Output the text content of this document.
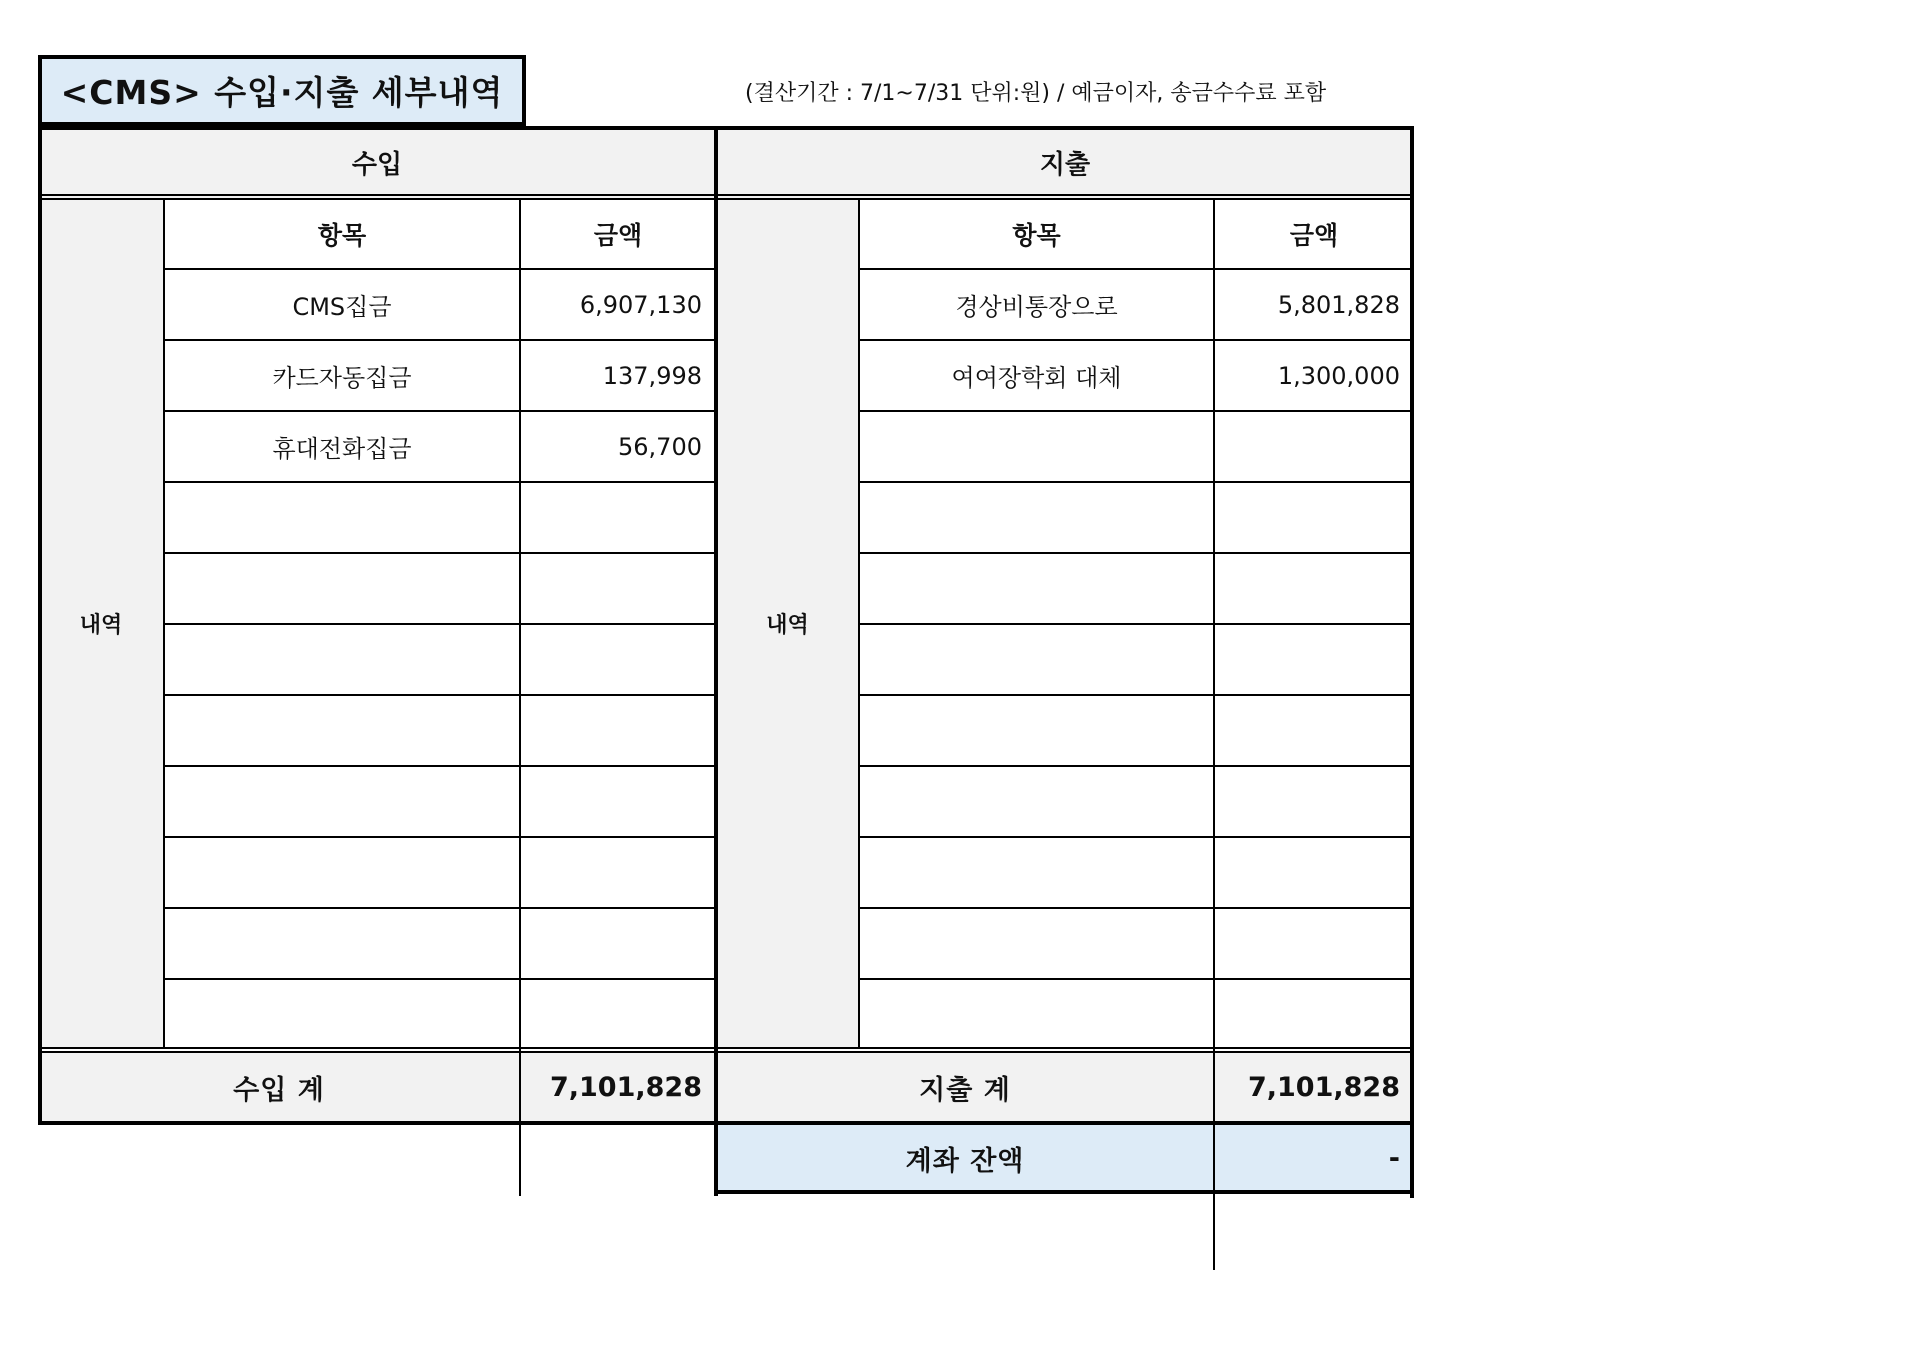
<CMS> 수입·지출 세부내역	(결산기간 : 7/1~7/31 단위:원) / 예금이자, 송금수수료 포함
수입	지출
내역	내역
항목	금액	항목	금액
CMS집금	6,907,130	경상비통장으로	5,801,828
카드자동집금	137,998	여여장학회 대체	1,300,000
휴대전화집금	56,700
수입 계	7,101,828	지출 계	7,101,828
계좌 잔액	-
